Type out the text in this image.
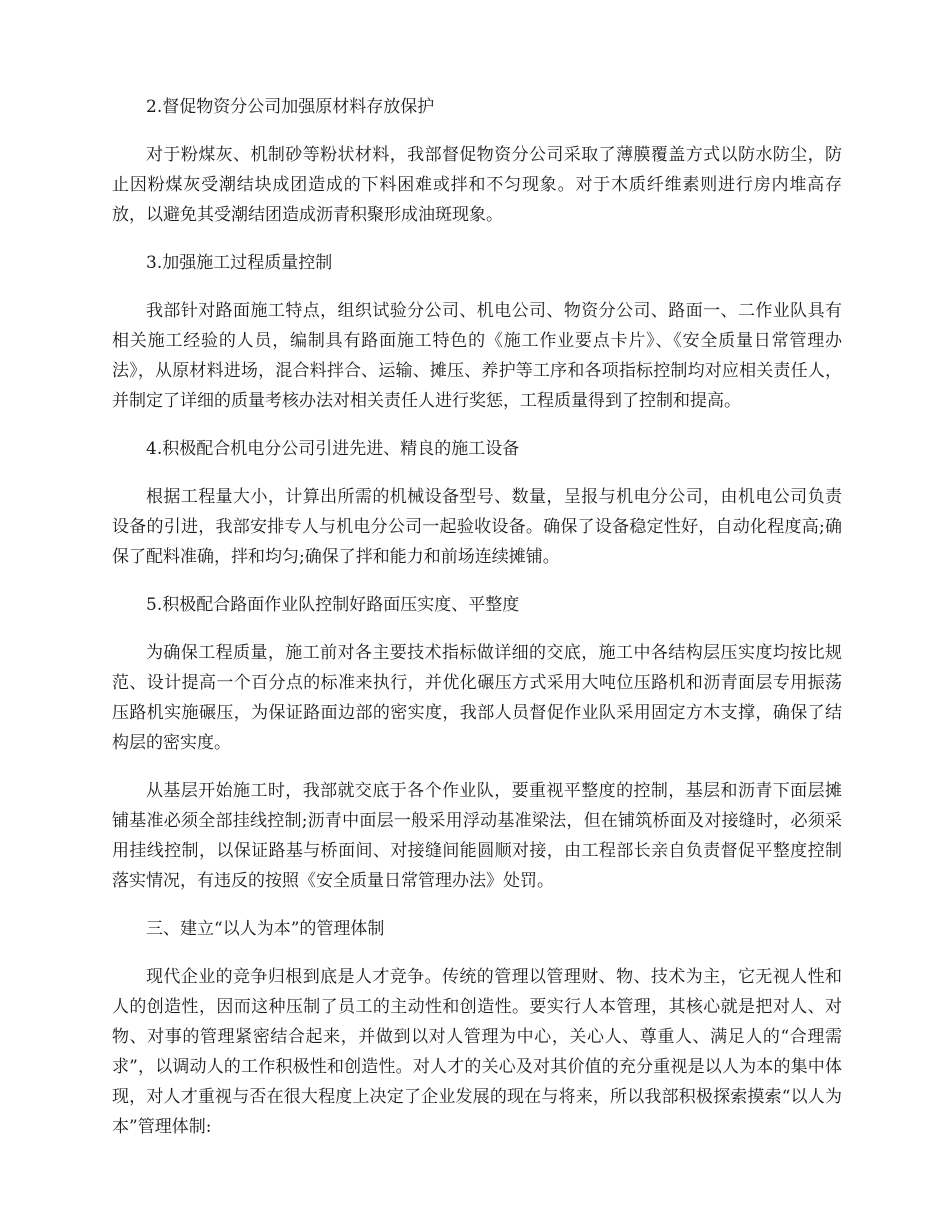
2.督促物资分公司加强原材料存放保护

对于粉煤灰、机制砂等粉状材料，我部督促物资分公司采取了薄膜覆盖方式以防水防尘，防止因粉煤灰受潮结块成团造成的下料困难或拌和不匀现象。对于木质纤维素则进行房内堆高存放，以避免其受潮结团造成沥青积聚形成油斑现象。

3.加强施工过程质量控制

我部针对路面施工特点，组织试验分公司、机电公司、物资分公司、路面一、二作业队具有相关施工经验的人员，编制具有路面施工特色的《施工作业要点卡片》、《安全质量日常管理办法》，从原材料进场，混合料拌合、运输、摊压、养护等工序和各项指标控制均对应相关责任人，并制定了详细的质量考核办法对相关责任人进行奖惩，工程质量得到了控制和提高。

4.积极配合机电分公司引进先进、精良的施工设备

根据工程量大小，计算出所需的机械设备型号、数量，呈报与机电分公司，由机电公司负责设备的引进，我部安排专人与机电分公司一起验收设备。确保了设备稳定性好，自动化程度高;确保了配料准确，拌和均匀;确保了拌和能力和前场连续摊铺。

5.积极配合路面作业队控制好路面压实度、平整度

为确保工程质量，施工前对各主要技术指标做详细的交底，施工中各结构层压实度均按比规范、设计提高一个百分点的标准来执行，并优化碾压方式采用大吨位压路机和沥青面层专用振荡压路机实施碾压，为保证路面边部的密实度，我部人员督促作业队采用固定方木支撑，确保了结构层的密实度。

从基层开始施工时，我部就交底于各个作业队，要重视平整度的控制，基层和沥青下面层摊铺基准必须全部挂线控制;沥青中面层一般采用浮动基准梁法，但在铺筑桥面及对接缝时，必须采用挂线控制，以保证路基与桥面间、对接缝间能圆顺对接，由工程部长亲自负责督促平整度控制落实情况，有违反的按照《安全质量日常管理办法》处罚。

三、建立“以人为本”的管理体制

现代企业的竞争归根到底是人才竞争。传统的管理以管理财、物、技术为主，它无视人性和人的创造性，因而这种压制了员工的主动性和创造性。要实行人本管理，其核心就是把对人、对物、对事的管理紧密结合起来，并做到以对人管理为中心，关心人、尊重人、满足人的“合理需求”，以调动人的工作积极性和创造性。对人才的关心及对其价值的充分重视是以人为本的集中体现，对人才重视与否在很大程度上决定了企业发展的现在与将来，所以我部积极探索摸索“以人为本”管理体制:
